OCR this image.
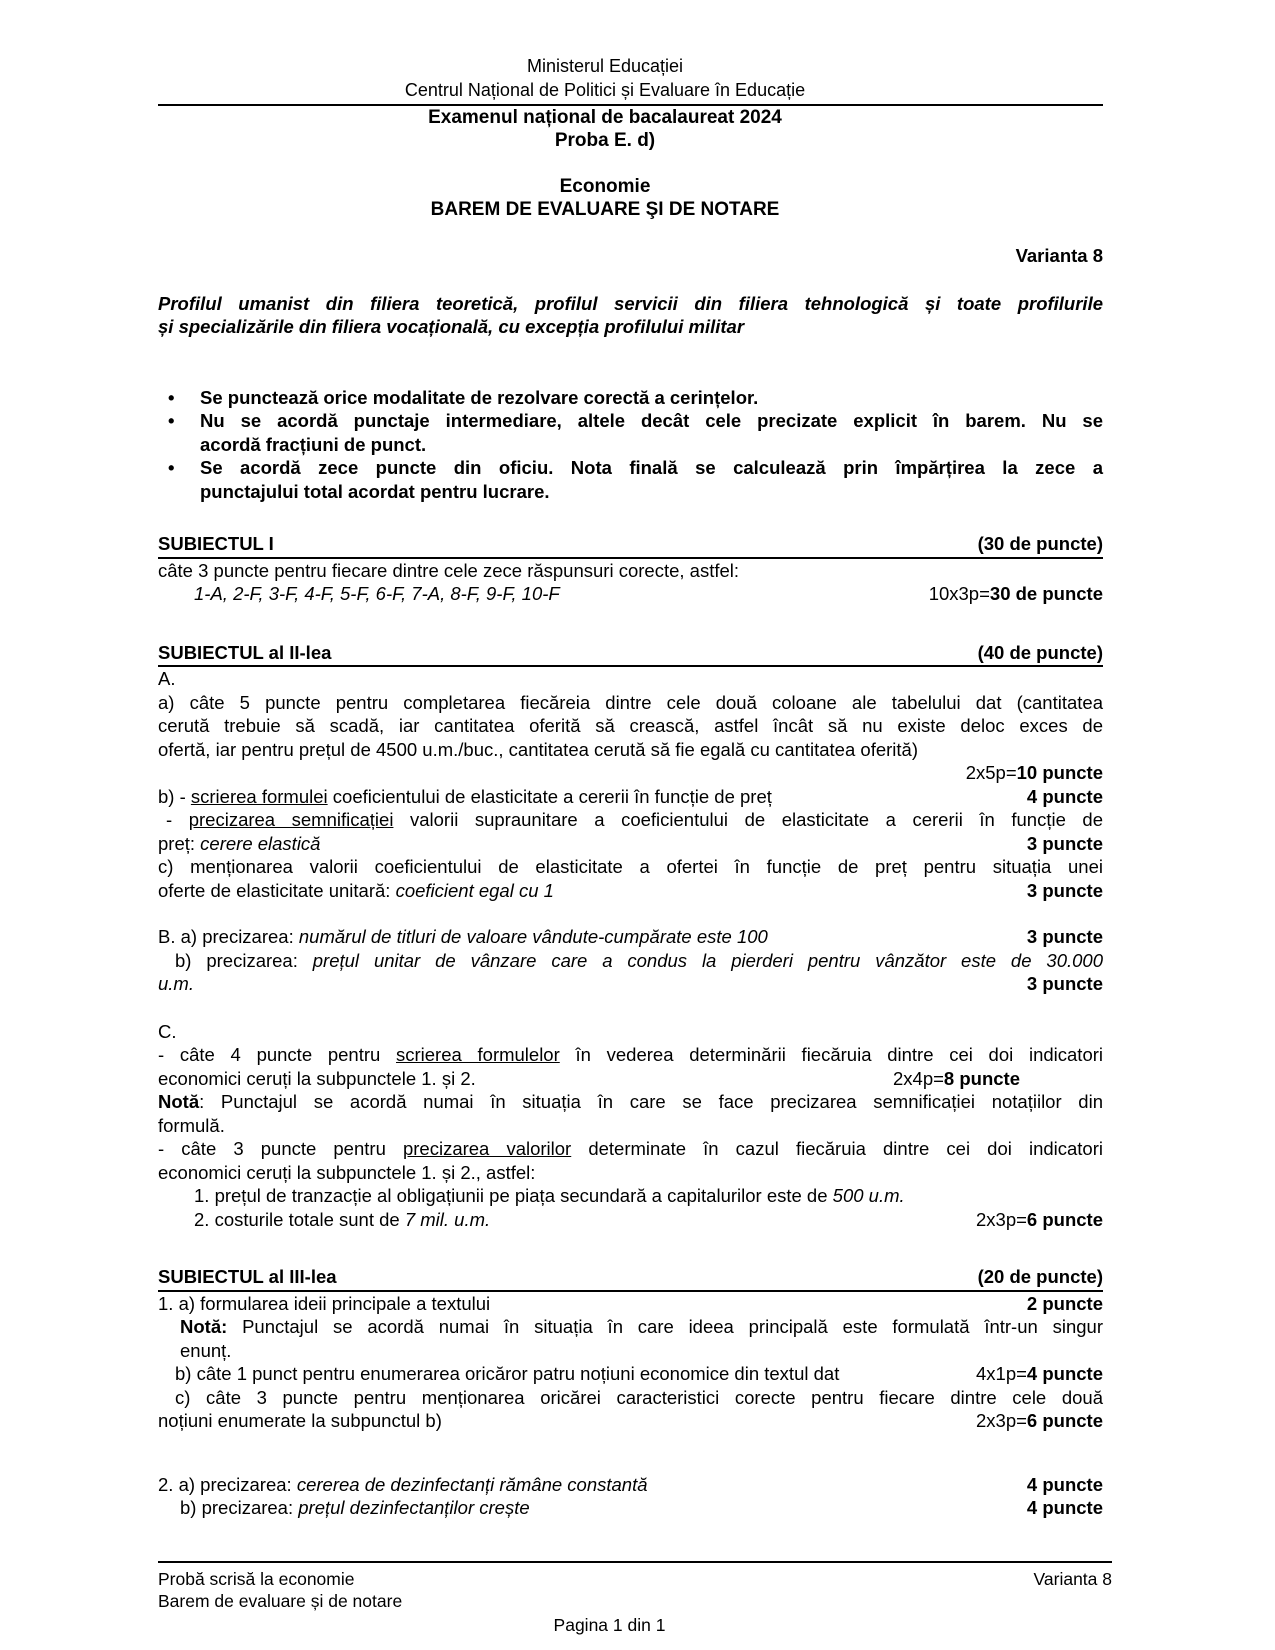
Ministerul Educației
Centrul Național de Politici și Evaluare în Educație
Examenul național de bacalaureat 2024
Proba E. d)
Economie
BAREM DE EVALUARE ŞI DE NOTARE
Varianta 8
Profilul umanist din filiera teoretică, profilul servicii din filiera tehnologică și toate profilurile
și specializările din filiera vocațională, cu excepția profilului militar
• Se punctează orice modalitate de rezolvare corectă a cerințelor.
• Nu se acordă punctaje intermediare, altele decât cele precizate explicit în barem. Nu se
acordă fracțiuni de punct.
• Se acordă zece puncte din oficiu. Nota finală se calculează prin împărțirea la zece a
punctajului total acordat pentru lucrare.
SUBIECTUL I	(30 de puncte)
câte 3 puncte pentru fiecare dintre cele zece răspunsuri corecte, astfel:
1-A, 2-F, 3-F, 4-F, 5-F, 6-F, 7-A, 8-F, 9-F, 10-F	10x3p=30 de puncte
SUBIECTUL al II-lea	(40 de puncte)
A.
a) câte 5 puncte pentru completarea fiecăreia dintre cele două coloane ale tabelului dat (cantitatea
cerută trebuie să scadă, iar cantitatea oferită să crească, astfel încât să nu existe deloc exces de
ofertă, iar pentru prețul de 4500 u.m./buc., cantitatea cerută să fie egală cu cantitatea oferită)
2x5p=10 puncte
b) - scrierea formulei coeficientului de elasticitate a cererii în funcție de preț	4 puncte
- precizarea semnificației valorii supraunitare a coeficientului de elasticitate a cererii în funcție de
preț: cerere elastică	3 puncte
c) menționarea valorii coeficientului de elasticitate a ofertei în funcție de preț pentru situația unei
oferte de elasticitate unitară: coeficient egal cu 1	3 puncte
B. a) precizarea: numărul de titluri de valoare vândute-cumpărate este 100	3 puncte
b) precizarea: prețul unitar de vânzare care a condus la pierderi pentru vânzător este de 30.000
u.m.	3 puncte
C.
- câte 4 puncte pentru scrierea formulelor în vederea determinării fiecăruia dintre cei doi indicatori
economici ceruți la subpunctele 1. și 2.	2x4p=8 puncte
Notă: Punctajul se acordă numai în situația în care se face precizarea semnificației notațiilor din
formulă.
- câte 3 puncte pentru precizarea valorilor determinate în cazul fiecăruia dintre cei doi indicatori
economici ceruți la subpunctele 1. și 2., astfel:
1. prețul de tranzacție al obligațiunii pe piața secundară a capitalurilor este de 500 u.m.
2. costurile totale sunt de 7 mil. u.m.	2x3p=6 puncte
SUBIECTUL al III-lea	(20 de puncte)
1. a) formularea ideii principale a textului	2 puncte
Notă: Punctajul se acordă numai în situația în care ideea principală este formulată într-un singur
enunț.
b) câte 1 punct pentru enumerarea oricăror patru noțiuni economice din textul dat	4x1p=4 puncte
c) câte 3 puncte pentru menționarea oricărei caracteristici corecte pentru fiecare dintre cele două
noțiuni enumerate la subpunctul b)	2x3p=6 puncte
2. a) precizarea: cererea de dezinfectanți rămâne constantă	4 puncte
b) precizarea: prețul dezinfectanților crește	4 puncte
Probă scrisă la economie	Varianta 8
Barem de evaluare și de notare
Pagina 1 din 1
